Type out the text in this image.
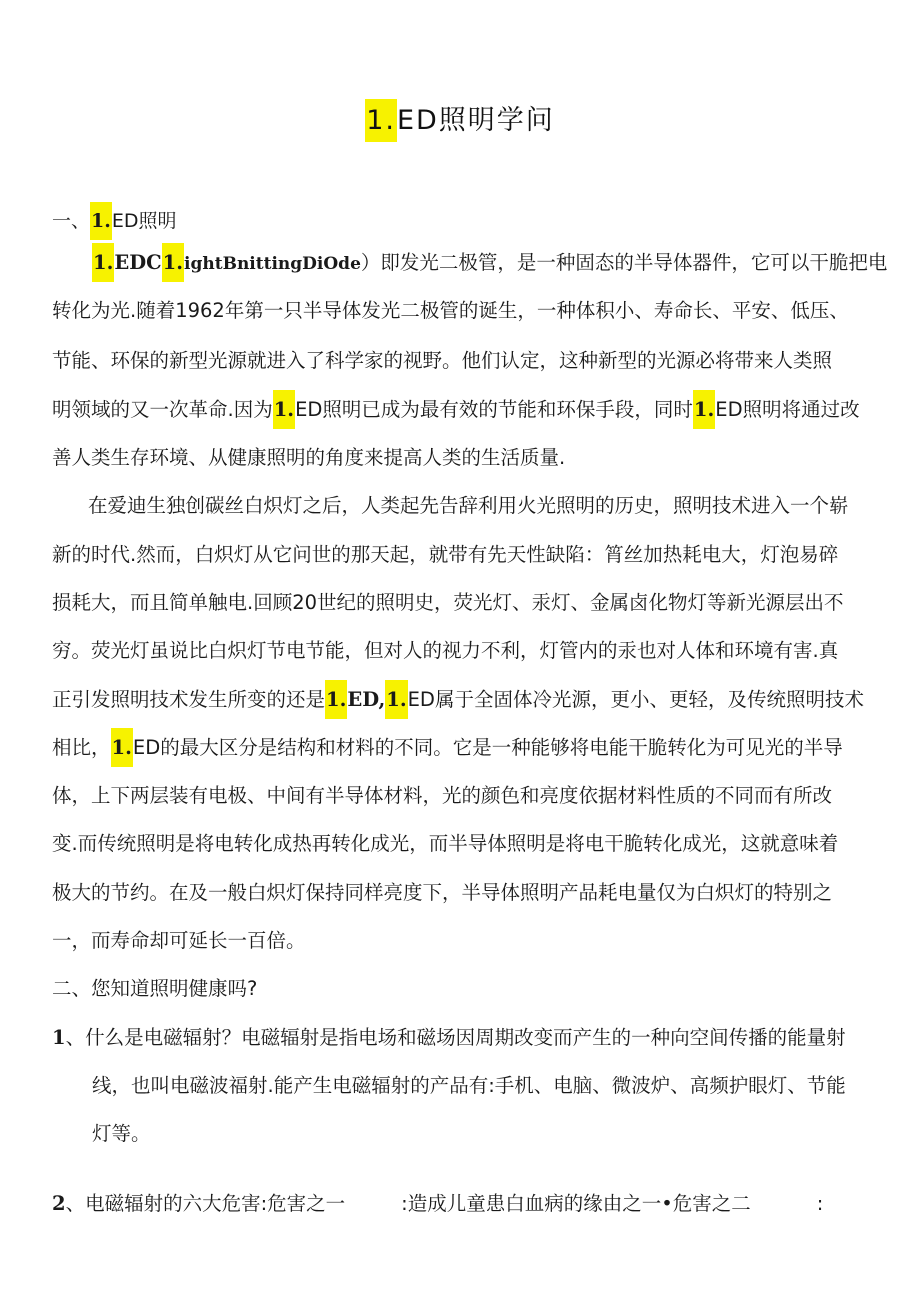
1.ED照明学问
一、1.ED照明
1.EDC1.ightBnittingDiOde）即发光二极管，是一种固态的半导体器件，它可以干脆把电
转化为光.随着1962年第一只半导体发光二极管的诞生，一种体积小、寿命长、平安、低压、
节能、环保的新型光源就进入了科学家的视野。他们认定，这种新型的光源必将带来人类照
明领域的又一次革命.因为1.ED照明已成为最有效的节能和环保手段，同时1.ED照明将通过改
善人类生存环境、从健康照明的角度来提高人类的生活质量.
在爱迪生独创碳丝白炽灯之后，人类起先告辞利用火光照明的历史，照明技术进入一个崭
新的时代.然而，白炽灯从它问世的那天起，就带有先天性缺陷：筲丝加热耗电大，灯泡易碎
损耗大，而且简单触电.回顾20世纪的照明史，荧光灯、汞灯、金属卤化物灯等新光源层出不
穷。荧光灯虽说比白炽灯节电节能，但对人的视力不利，灯管内的汞也对人体和环境有害.真
正引发照明技术发生所变的还是1.ED,1.ED属于全固体冷光源，更小、更轻，及传统照明技术
相比，1.ED的最大区分是结构和材料的不同。它是一种能够将电能干脆转化为可见光的半导
体，上下两层装有电极、中间有半导体材料，光的颜色和亮度依据材料性质的不同而有所改
变.而传统照明是将电转化成热再转化成光，而半导体照明是将电干脆转化成光，这就意味着
极大的节约。在及一般白炽灯保持同样亮度下，半导体照明产品耗电量仅为白炽灯的特别之
一，而寿命却可延长一百倍。
二、您知道照明健康吗?
1、什么是电磁辐射？电磁辐射是指电场和磁场因周期改变而产生的一种向空间传播的能量射
线，也叫电磁波福射.能产生电磁辐射的产品有:手机、电脑、微波炉、高频护眼灯、节能
灯等。
2、电磁辐射的六大危害:危害之一	:造成儿童患白血病的缘由之一•危害之二	:
